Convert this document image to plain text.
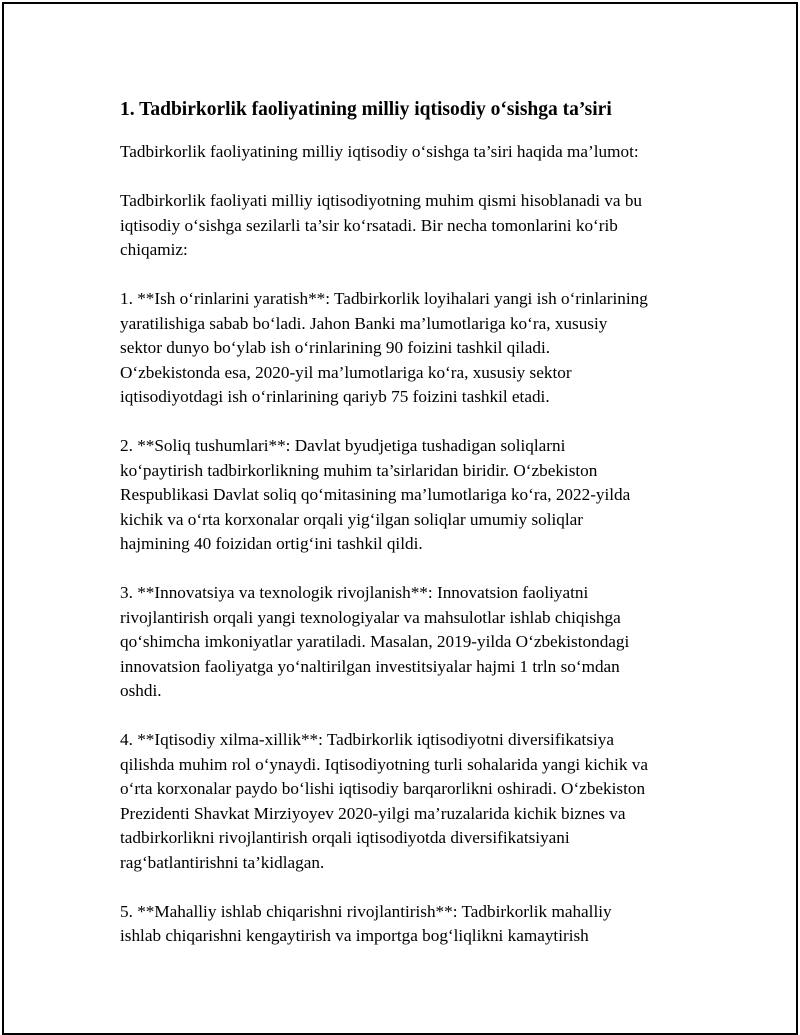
1. Tadbirkorlik faoliyatining milliy iqtisodiy o‘sishga ta’siri
Tadbirkorlik faoliyatining milliy iqtisodiy o‘sishga ta’siri haqida ma’lumot:
Tadbirkorlik faoliyati milliy iqtisodiyotning muhim qismi hisoblanadi va bu
iqtisodiy o‘sishga sezilarli ta’sir ko‘rsatadi. Bir necha tomonlarini ko‘rib
chiqamiz:
1. **Ish o‘rinlarini yaratish**: Tadbirkorlik loyihalari yangi ish o‘rinlarining
yaratilishiga sabab bo‘ladi. Jahon Banki ma’lumotlariga ko‘ra, xususiy
sektor dunyo bo‘ylab ish o‘rinlarining 90 foizini tashkil qiladi.
O‘zbekistonda esa, 2020-yil ma’lumotlariga ko‘ra, xususiy sektor
iqtisodiyotdagi ish o‘rinlarining qariyb 75 foizini tashkil etadi.
2. **Soliq tushumlari**: Davlat byudjetiga tushadigan soliqlarni
ko‘paytirish tadbirkorlikning muhim ta’sirlaridan biridir. O‘zbekiston
Respublikasi Davlat soliq qo‘mitasining ma’lumotlariga ko‘ra, 2022-yilda
kichik va o‘rta korxonalar orqali yig‘ilgan soliqlar umumiy soliqlar
hajmining 40 foizidan ortig‘ini tashkil qildi.
3. **Innovatsiya va texnologik rivojlanish**: Innovatsion faoliyatni
rivojlantirish orqali yangi texnologiyalar va mahsulotlar ishlab chiqishga
qo‘shimcha imkoniyatlar yaratiladi. Masalan, 2019-yilda O‘zbekistondagi
innovatsion faoliyatga yo‘naltirilgan investitsiyalar hajmi 1 trln so‘mdan
oshdi.
4. **Iqtisodiy xilma-xillik**: Tadbirkorlik iqtisodiyotni diversifikatsiya
qilishda muhim rol o‘ynaydi. Iqtisodiyotning turli sohalarida yangi kichik va
o‘rta korxonalar paydo bo‘lishi iqtisodiy barqarorlikni oshiradi. O‘zbekiston
Prezidenti Shavkat Mirziyoyev 2020-yilgi ma’ruzalarida kichik biznes va
tadbirkorlikni rivojlantirish orqali iqtisodiyotda diversifikatsiyani
rag‘batlantirishni ta’kidlagan.
5. **Mahalliy ishlab chiqarishni rivojlantirish**: Tadbirkorlik mahalliy
ishlab chiqarishni kengaytirish va importga bog‘liqlikni kamaytirish
